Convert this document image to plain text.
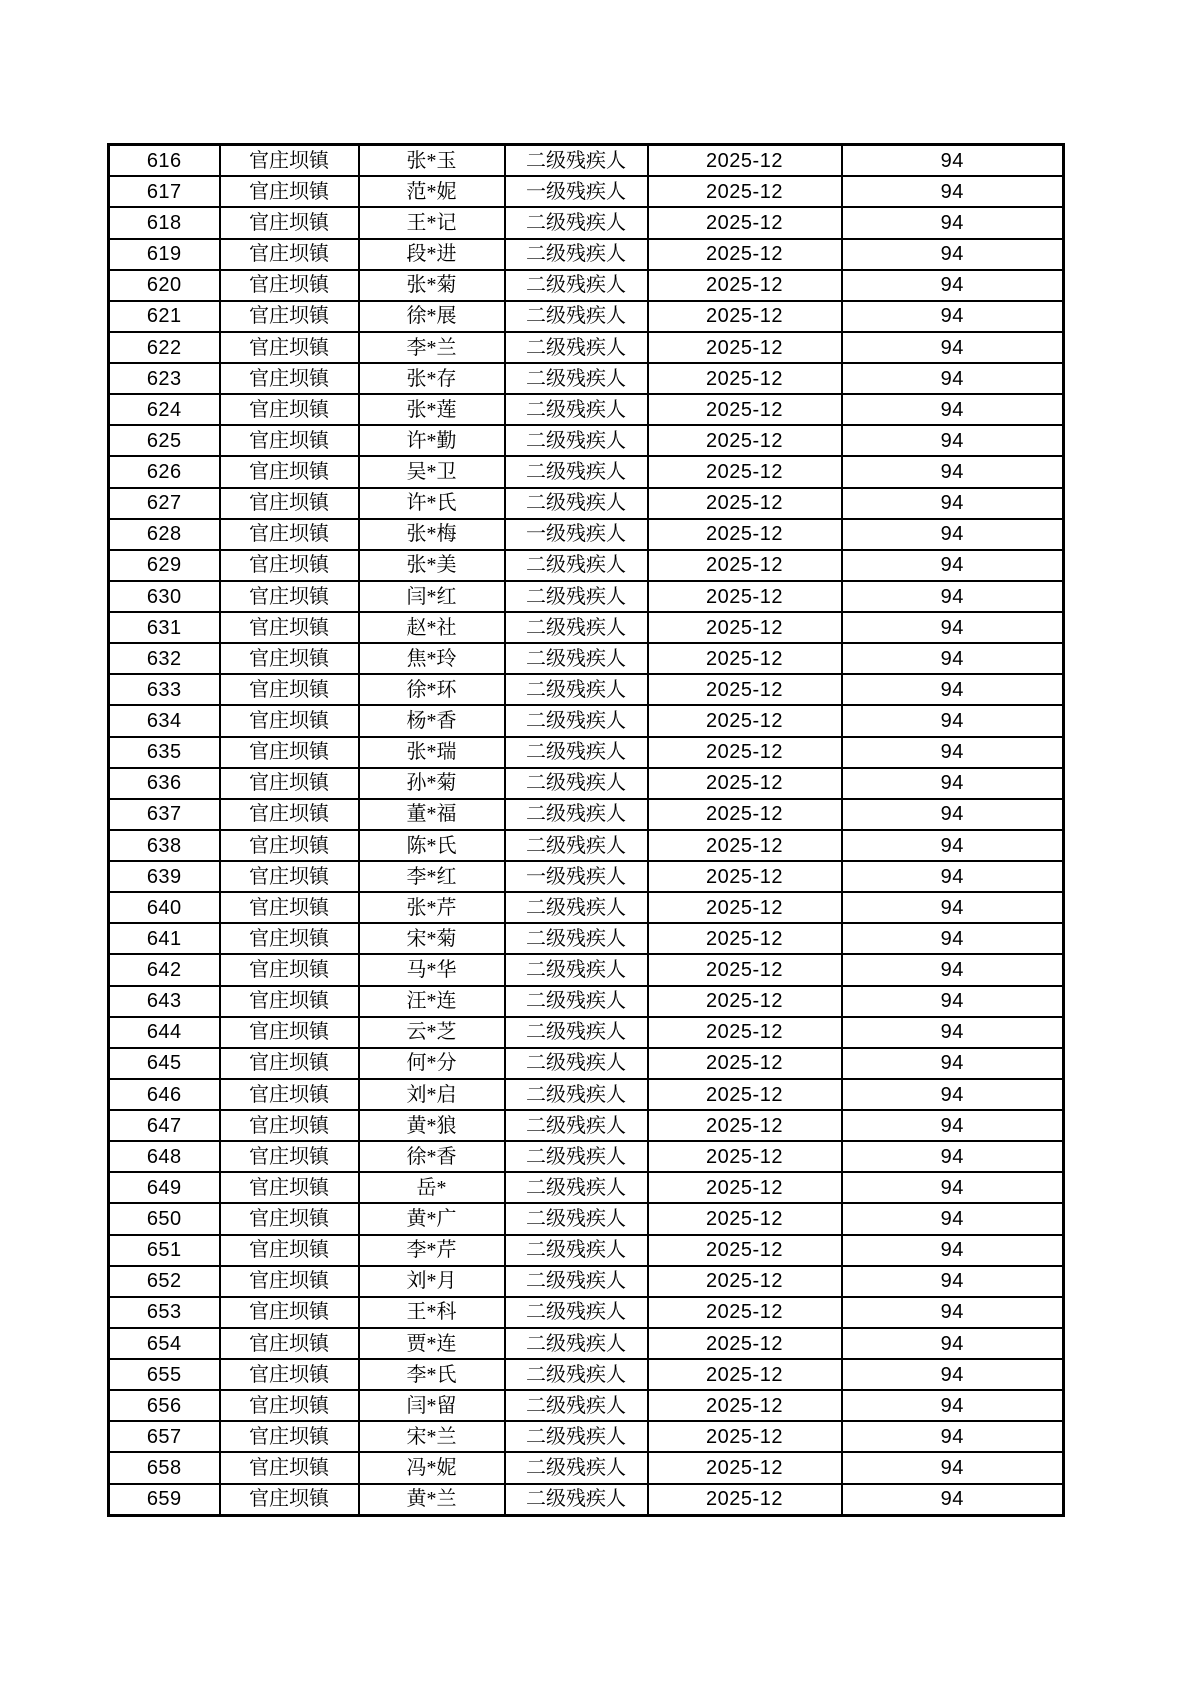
616	官庄坝镇	张*玉	二级残疾人	2025-12	94
617	官庄坝镇	范*妮	一级残疾人	2025-12	94
618	官庄坝镇	王*记	二级残疾人	2025-12	94
619	官庄坝镇	段*进	二级残疾人	2025-12	94
620	官庄坝镇	张*菊	二级残疾人	2025-12	94
621	官庄坝镇	徐*展	二级残疾人	2025-12	94
622	官庄坝镇	李*兰	二级残疾人	2025-12	94
623	官庄坝镇	张*存	二级残疾人	2025-12	94
624	官庄坝镇	张*莲	二级残疾人	2025-12	94
625	官庄坝镇	许*勤	二级残疾人	2025-12	94
626	官庄坝镇	吴*卫	二级残疾人	2025-12	94
627	官庄坝镇	许*氏	二级残疾人	2025-12	94
628	官庄坝镇	张*梅	一级残疾人	2025-12	94
629	官庄坝镇	张*美	二级残疾人	2025-12	94
630	官庄坝镇	闫*红	二级残疾人	2025-12	94
631	官庄坝镇	赵*社	二级残疾人	2025-12	94
632	官庄坝镇	焦*玲	二级残疾人	2025-12	94
633	官庄坝镇	徐*环	二级残疾人	2025-12	94
634	官庄坝镇	杨*香	二级残疾人	2025-12	94
635	官庄坝镇	张*瑞	二级残疾人	2025-12	94
636	官庄坝镇	孙*菊	二级残疾人	2025-12	94
637	官庄坝镇	董*福	二级残疾人	2025-12	94
638	官庄坝镇	陈*氏	二级残疾人	2025-12	94
639	官庄坝镇	李*红	一级残疾人	2025-12	94
640	官庄坝镇	张*芹	二级残疾人	2025-12	94
641	官庄坝镇	宋*菊	二级残疾人	2025-12	94
642	官庄坝镇	马*华	二级残疾人	2025-12	94
643	官庄坝镇	汪*连	二级残疾人	2025-12	94
644	官庄坝镇	云*芝	二级残疾人	2025-12	94
645	官庄坝镇	何*分	二级残疾人	2025-12	94
646	官庄坝镇	刘*启	二级残疾人	2025-12	94
647	官庄坝镇	黄*狼	二级残疾人	2025-12	94
648	官庄坝镇	徐*香	二级残疾人	2025-12	94
649	官庄坝镇	岳*	二级残疾人	2025-12	94
650	官庄坝镇	黄*广	二级残疾人	2025-12	94
651	官庄坝镇	李*芹	二级残疾人	2025-12	94
652	官庄坝镇	刘*月	二级残疾人	2025-12	94
653	官庄坝镇	王*科	二级残疾人	2025-12	94
654	官庄坝镇	贾*连	二级残疾人	2025-12	94
655	官庄坝镇	李*氏	二级残疾人	2025-12	94
656	官庄坝镇	闫*留	二级残疾人	2025-12	94
657	官庄坝镇	宋*兰	二级残疾人	2025-12	94
658	官庄坝镇	冯*妮	二级残疾人	2025-12	94
659	官庄坝镇	黄*兰	二级残疾人	2025-12	94
